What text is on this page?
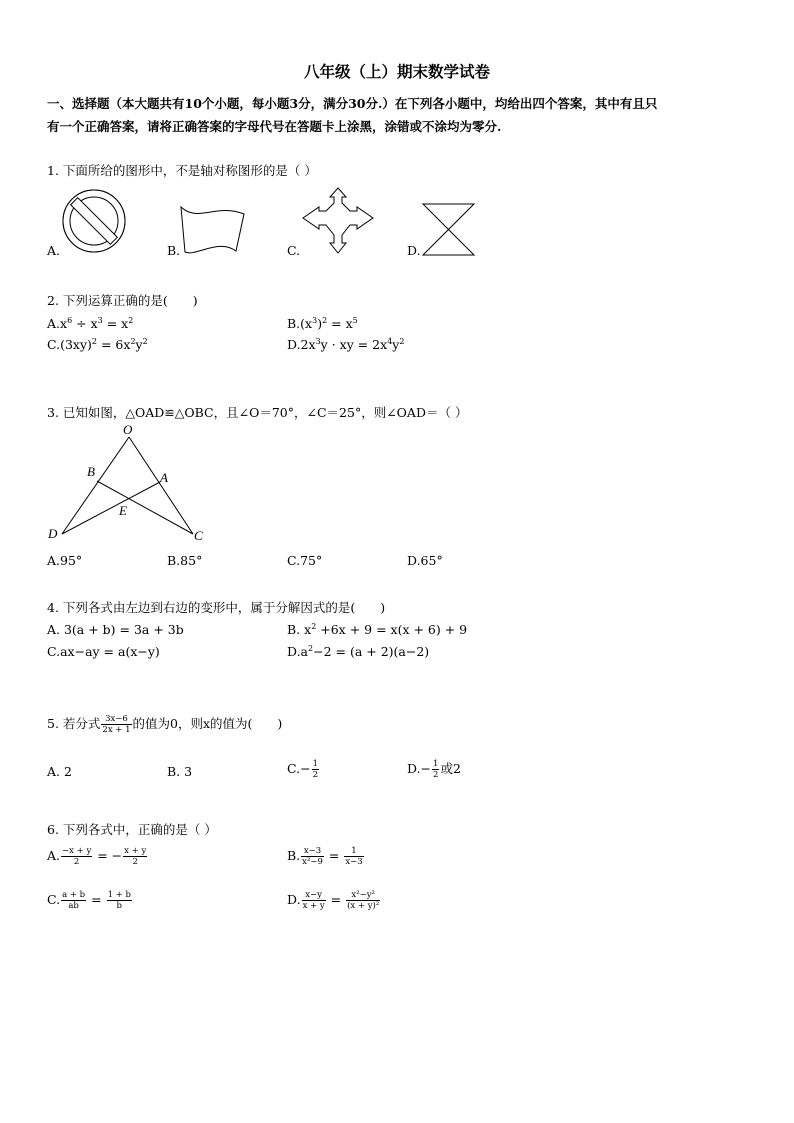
八年级（上）期末数学试卷
一、选择题（本大题共有10个小题，每小题3分，满分30分.）在下列各小题中，均给出四个答案，其中有且只
有一个正确答案，请将正确答案的字母代号在答题卡上涂黑，涂错或不涂均为零分.
1. 下面所给的图形中，不是轴对称图形的是（ ）
A.	B.	C.	D.
2. 下列运算正确的是(　　)
$A.x^6 \div x^3 = x^2$	$B.(x^3)^2 = x^5$
$C.(3xy)^2 = 6x^2y^2$	$D.2x^3y$ · xy = $2x^4y^2$
3. 已知如图，△OAD≌△OBC，且∠O＝70°，∠C＝25°，则∠OAD＝（ ）
O
B	A
E
D	C
A.95°	B.85°	C.75°	D.65°
4. 下列各式由左边到右边的变形中，属于分解因式的是(　　)
A. 3(a + b) = 3a + 3b	B. $x^2 +6x + 9 = x(x + 6) + 9$
C.ax−ay = a(x−y)	$D.a^2-2 = (a + 2)(a-2)$
5. 若分式 $\frac{3x-6}{2x + 1}$ 的值为0，则x的值为(　　)
A. 2	B. 3	$C.- \frac{1}{2}$	$D.- \frac{1}{2}$ 或2
6. 下列各式中，正确的是（ ）
A. $\frac{-x + y}{2}$ = − $\frac{x + y}{2}$	B. $\frac{x-3}{\text{x²−9}} = \frac{1}{x-3}$
C. $\frac{a + b}{ab} = \frac{1 + b}{b}$	D. $\frac{x-y}{x + y} = \frac{\text{x²−y²}}{\text{(x + y)²}}$
